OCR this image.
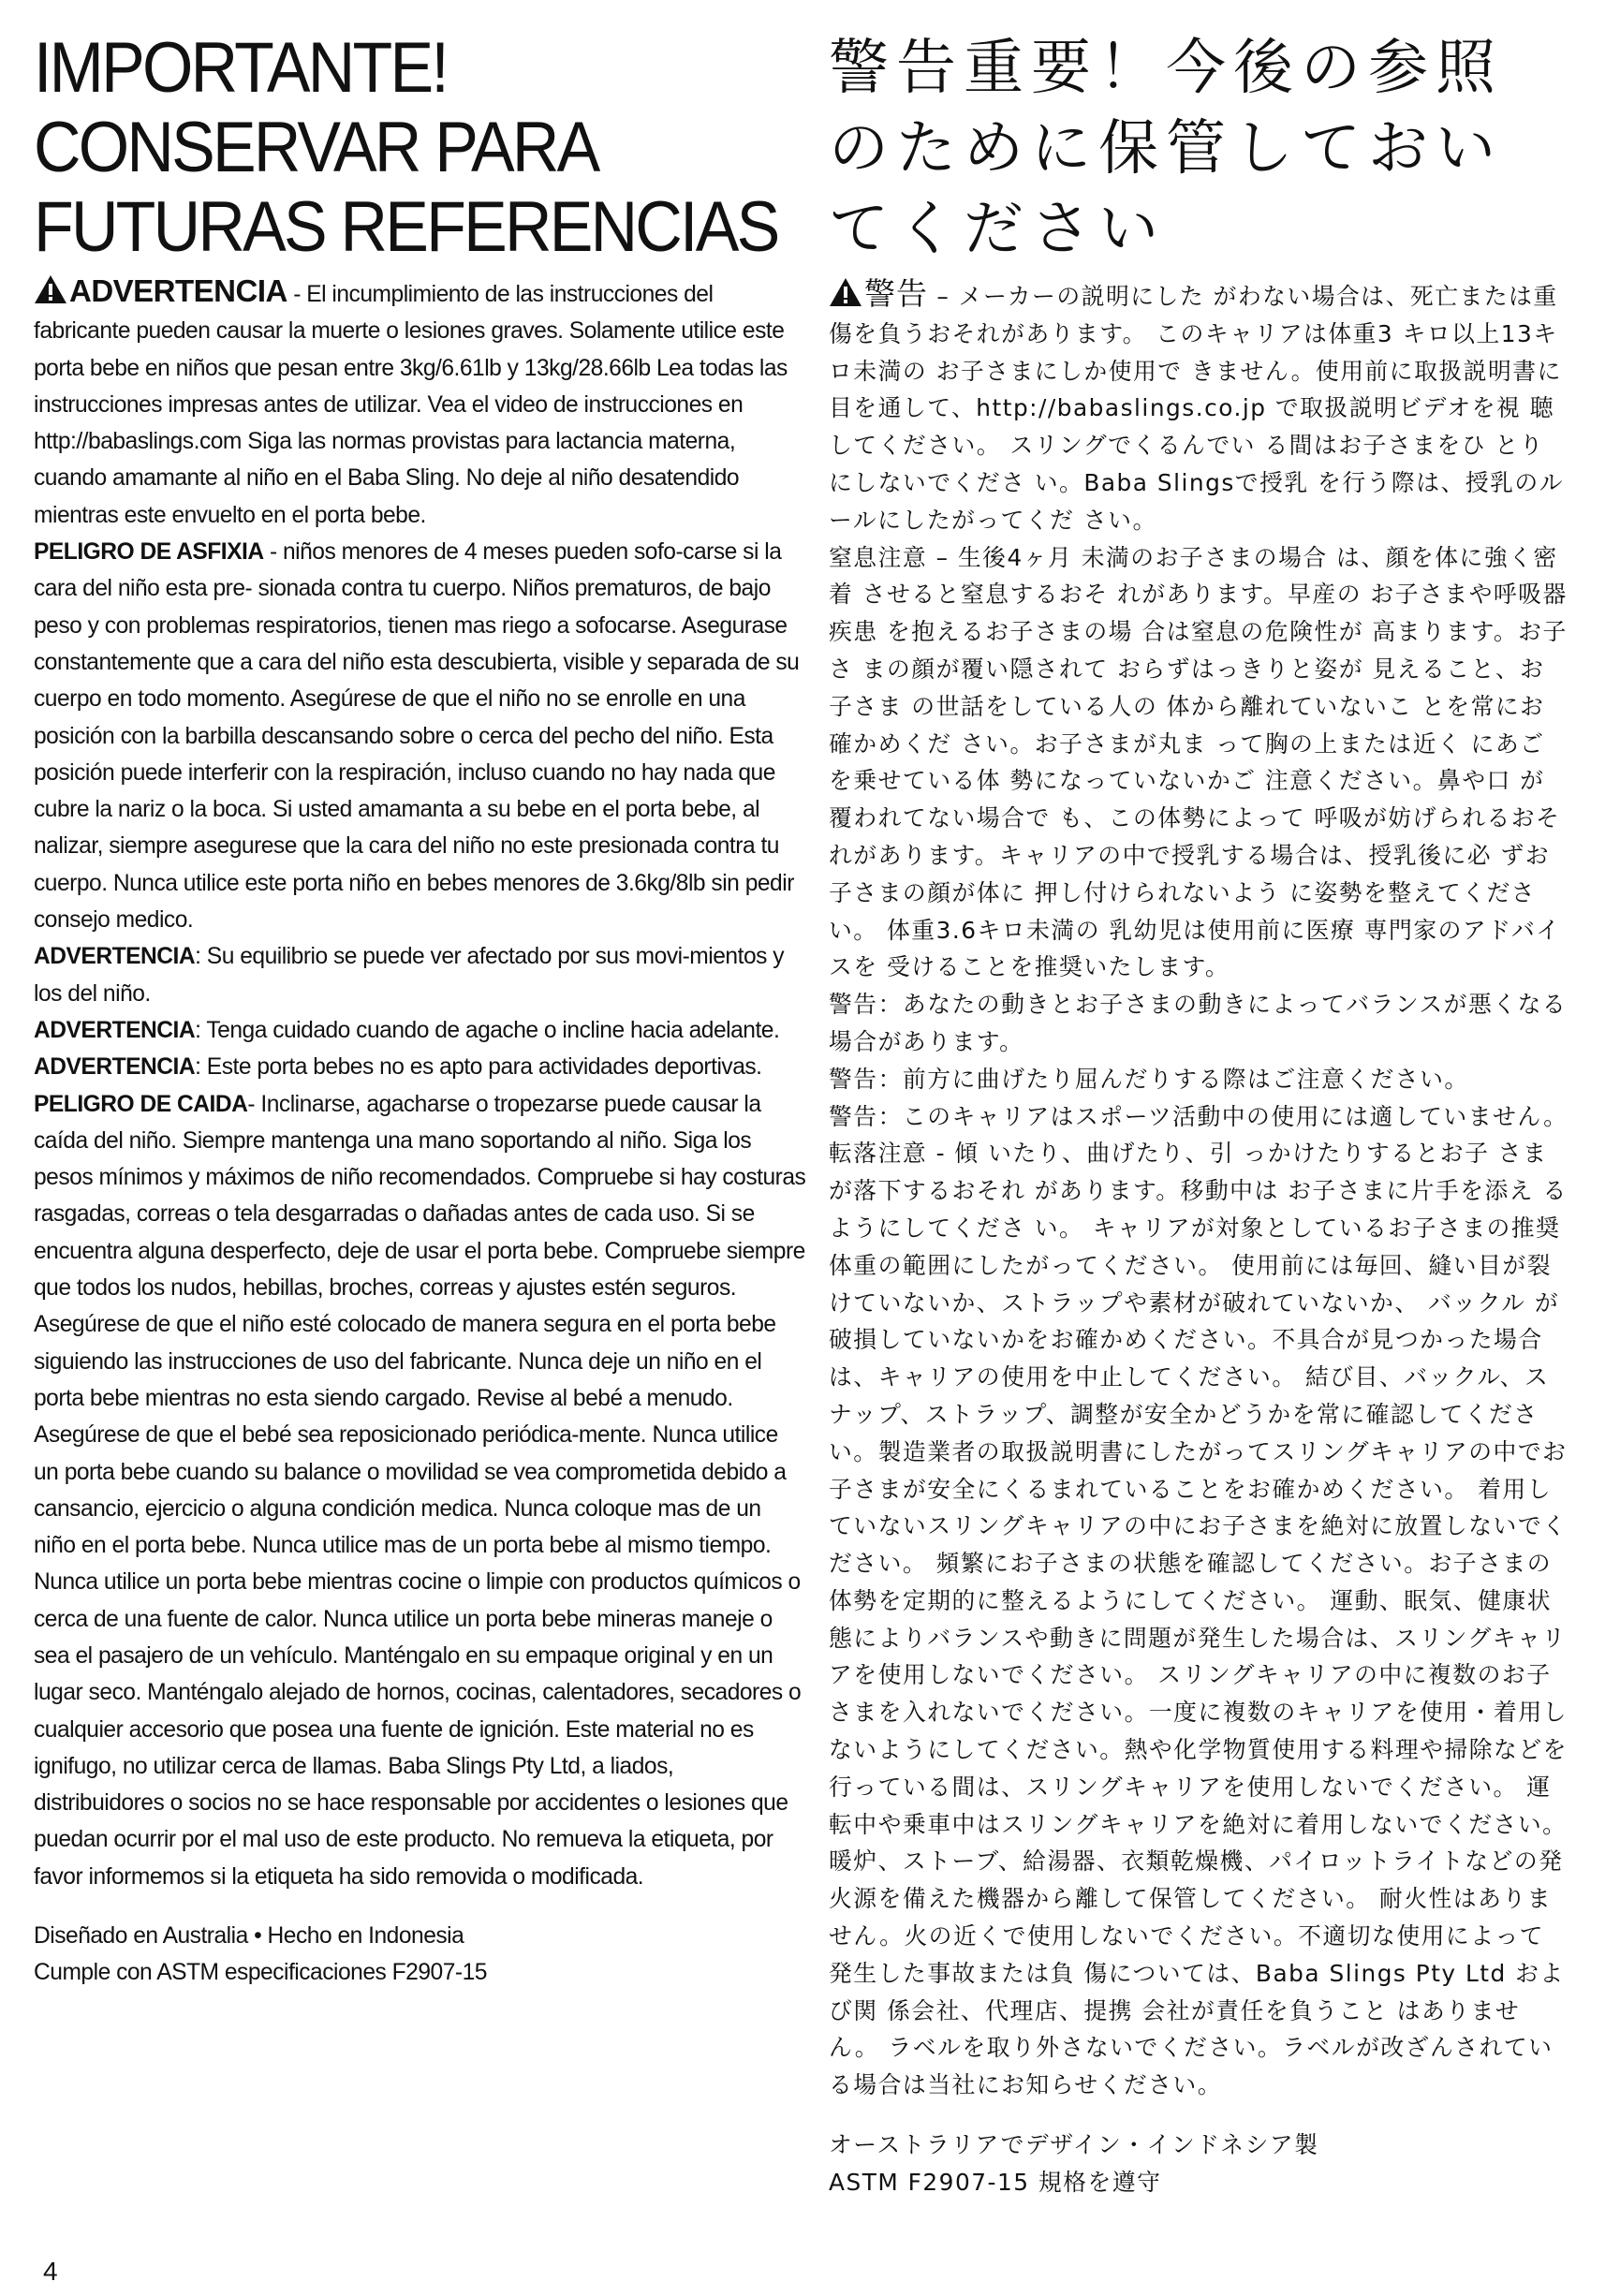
IMPORTANTE!
CONSERVAR PARA
FUTURAS REFERENCIAS

ADVERTENCIA - El incumplimiento de las instrucciones del fabricante pueden causar la muerte o lesiones graves. Solamente utilice este porta bebe en niños que pesan entre 3kg/6.61lb y 13kg/28.66lb Lea todas las instrucciones impresas antes de utilizar. Vea el video de instrucciones en http://babaslings.com Siga las normas provistas para lactancia materna, cuando amamante al niño en el Baba Sling. No deje al niño desatendido mientras este envuelto en el porta bebe.

PELIGRO DE ASFIXIA - niños menores de 4 meses pueden sofo-carse si la cara del niño esta pre- sionada contra tu cuerpo. Niños prematuros, de bajo peso y con problemas respiratorios, tienen mas riego a sofocarse. Asegurase constantemente que a cara del niño esta descubierta, visible y separada de su cuerpo en todo momento. Asegúrese de que el niño no se enrolle en una posición con la barbilla descansando sobre o cerca del pecho del niño. Esta posición puede interferir con la respiración, incluso cuando no hay nada que cubre la nariz o la boca. Si usted amamanta a su bebe en el porta bebe, al nalizar, siempre asegurese que la cara del niño no este presionada contra tu cuerpo. Nunca utilice este porta niño en bebes menores de 3.6kg/8lb sin pedir consejo medico.

ADVERTENCIA: Su equilibrio se puede ver afectado por sus movi-mientos y los del niño.

ADVERTENCIA: Tenga cuidado cuando de agache o incline hacia adelante.

ADVERTENCIA: Este porta bebes no es apto para actividades deportivas.

PELIGRO DE CAIDA- Inclinarse, agacharse o tropezarse puede causar la caída del niño. Siempre mantenga una mano soportando al niño. Siga los pesos mínimos y máximos de niño recomendados. Compruebe si hay costuras rasgadas, correas o tela desgarradas o dañadas antes de cada uso. Si se encuentra alguna desperfecto, deje de usar el porta bebe. Compruebe siempre que todos los nudos, hebillas, broches, correas y ajustes estén seguros. Asegúrese de que el niño esté colocado de manera segura en el porta bebe siguiendo las instrucciones de uso del fabricante. Nunca deje un niño en el porta bebe mientras no esta siendo cargado. Revise al bebé a menudo. Asegúrese de que el bebé sea reposicionado periódica-mente. Nunca utilice un porta bebe cuando su balance o movilidad se vea comprometida debido a cansancio, ejercicio o alguna condición medica. Nunca coloque mas de un niño en el porta bebe. Nunca utilice mas de un porta bebe al mismo tiempo. Nunca utilice un porta bebe mientras cocine o limpie con productos químicos o cerca de una fuente de calor. Nunca utilice un porta bebe mineras maneje o sea el pasajero de un vehículo. Manténgalo en su empaque original y en un lugar seco. Manténgalo alejado de hornos, cocinas, calentadores, secadores o cualquier accesorio que posea una fuente de ignición. Este material no es ignifugo, no utilizar cerca de llamas. Baba Slings Pty Ltd, a liados, distribuidores o socios no se hace responsable por accidentes o lesiones que puedan ocurrir por el mal uso de este producto. No remueva la etiqueta, por favor informemos si la etiqueta ha sido removida o modificada.

Diseñado en Australia • Hecho en Indonesia

Cumple con ASTM especificaciones F2907-15

警告重要！今後の参照
のために保管しておい
てください

警告 – メーカーの説明にした がわない場合は、死亡または重傷を負うおそれがあります。 このキャリアは体重3 キロ以上13キロ未満の お子さまにしか使用で きません。使用前に取扱説明書に 目を通して、http://babaslings.co.jp で取扱説明ビデオを視 聴してください。 スリングでくるんでい る間はお子さまをひ とりにしないでくださ い。Baba Slingsで授乳 を行う際は、授乳のル ールにしたがってくだ さい。

窒息注意 – 生後4ヶ月 未満のお子さまの場合 は、顔を体に強く密着 させると窒息するおそ れがあります。早産の お子さまや呼吸器疾患 を抱えるお子さまの場 合は窒息の危険性が 高まります。お子さ まの顔が覆い隠されて おらずはっきりと姿が 見えること、お子さま の世話をしている人の 体から離れていないこ とを常にお確かめくだ さい。お子さまが丸ま って胸の上または近く にあごを乗せている体 勢になっていないかご 注意ください。鼻や口 が覆われてない場合で も、この体勢によって 呼吸が妨げられるおそ れがあります。キャリアの中で授乳する場合は、授乳後に必 ずお子さまの顔が体に 押し付けられないよう に姿勢を整えてくださ い。 体重3.6キロ未満の 乳幼児は使用前に医療 専門家のアドバイスを 受けることを推奨いたします。

警告：あなたの動きとお子さまの動きによってバランスが悪くなる場合があります。

警告：前方に曲げたり屈んだりする際はご注意ください。

警告：このキャリアはスポーツ活動中の使用には適していません。

転落注意 - 傾 いたり、曲げたり、引 っかけたりするとお子 さまが落下するおそれ があります。移動中は お子さまに片手を添え るようにしてくださ い。 キャリアが対象としているお子さまの推奨体重の範囲にしたがってください。 使用前には毎回、縫い目が裂けていないか、ストラップや素材が破れていないか、 バックル が破損していないかをお確かめください。不具合が見つかった場合は、キャリアの使用を中止してください。 結び目、バックル、スナップ、ストラップ、調整が安全かどうかを常に確認してください。製造業者の取扱説明書にしたがってスリングキャリアの中でお子さまが安全にくるまれていることをお確かめください。 着用していないスリングキャリアの中にお子さまを絶対に放置しないでください。 頻繁にお子さまの状態を確認してください。お子さまの体勢を定期的に整えるようにしてください。 運動、眠気、健康状態によりバランスや動きに問題が発生した場合は、スリングキャリアを使用しないでください。 スリングキャリアの中に複数のお子さまを入れないでください。一度に複数のキャリアを使用・着用しないようにしてください。熱や化学物質使用する料理や掃除などを行っている間は、スリングキャリアを使用しないでください。 運転中や乗車中はスリングキャリアを絶対に着用しないでください。 暖炉、ストーブ、給湯器、衣類乾燥機、パイロットライトなどの発火源を備えた機器から離して保管してください。 耐火性はありません。火の近くで使用しないでください。不適切な使用によって 発生した事故または負 傷については、Baba Slings Pty Ltd およ び関 係会社、代理店、提携 会社が責任を負うこと はありません。 ラベルを取り外さないでください。ラベルが改ざんされている場合は当社にお知らせください。

オーストラリアでデザイン・インドネシア製

ASTM F2907-15 規格を遵守

4
